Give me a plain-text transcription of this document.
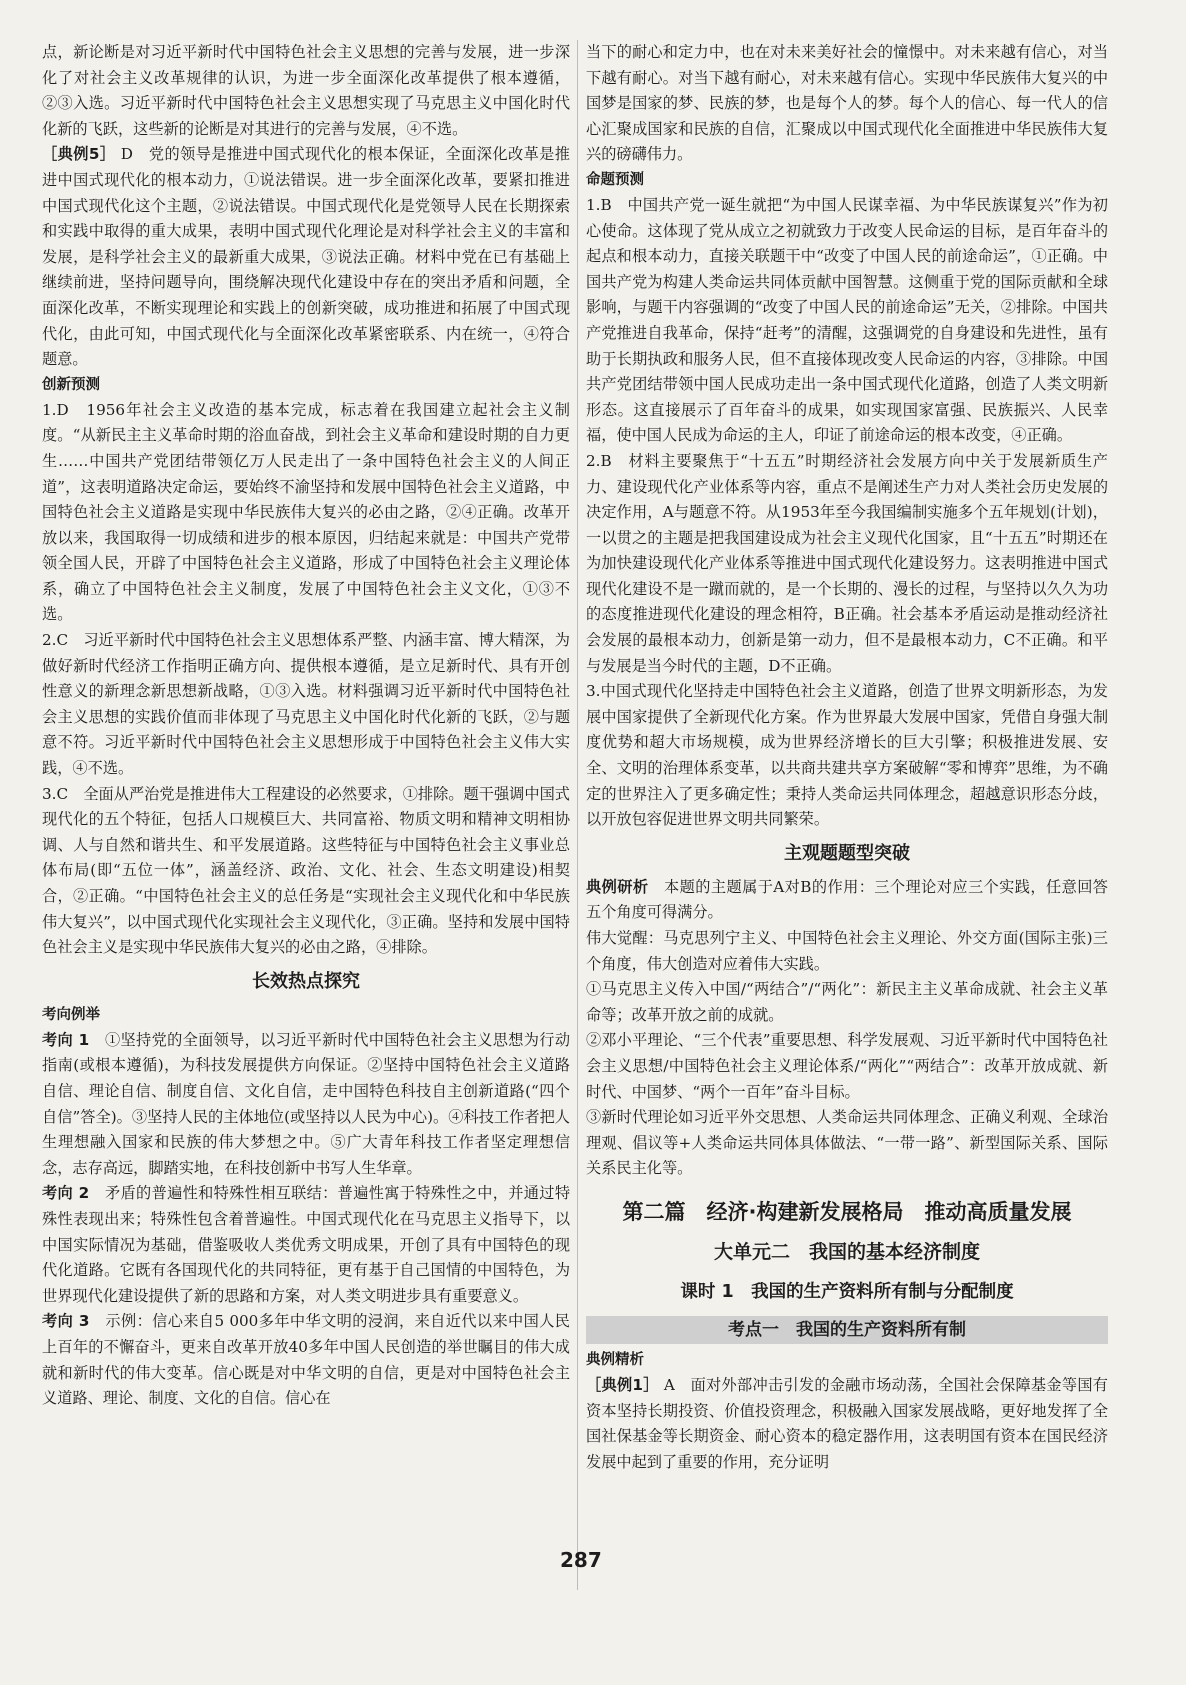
点，新论断是对习近平新时代中国特色社会主义思想的完善与发展，进一步深化了对社会主义改革规律的认识，为进一步全面深化改革提供了根本遵循，②③入选。习近平新时代中国特色社会主义思想实现了马克思主义中国化时代化新的飞跃，这些新的论断是对其进行的完善与发展，④不选。

［典例5］ D　党的领导是推进中国式现代化的根本保证，全面深化改革是推进中国式现代化的根本动力，①说法错误。进一步全面深化改革，要紧扣推进中国式现代化这个主题，②说法错误。中国式现代化是党领导人民在长期探索和实践中取得的重大成果，表明中国式现代化理论是对科学社会主义的丰富和发展，是科学社会主义的最新重大成果，③说法正确。材料中党在已有基础上继续前进，坚持问题导向，围绕解决现代化建设中存在的突出矛盾和问题，全面深化改革，不断实现理论和实践上的创新突破，成功推进和拓展了中国式现代化，由此可知，中国式现代化与全面深化改革紧密联系、内在统一，④符合题意。

创新预测

1.D　1956年社会主义改造的基本完成，标志着在我国建立起社会主义制度。“从新民主主义革命时期的浴血奋战，到社会主义革命和建设时期的自力更生……中国共产党团结带领亿万人民走出了一条中国特色社会主义的人间正道”，这表明道路决定命运，要始终不渝坚持和发展中国特色社会主义道路，中国特色社会主义道路是实现中华民族伟大复兴的必由之路，②④正确。改革开放以来，我国取得一切成绩和进步的根本原因，归结起来就是：中国共产党带领全国人民，开辟了中国特色社会主义道路，形成了中国特色社会主义理论体系，确立了中国特色社会主义制度，发展了中国特色社会主义文化，①③不选。

2.C　习近平新时代中国特色社会主义思想体系严整、内涵丰富、博大精深，为做好新时代经济工作指明正确方向、提供根本遵循，是立足新时代、具有开创性意义的新理念新思想新战略，①③入选。材料强调习近平新时代中国特色社会主义思想的实践价值而非体现了马克思主义中国化时代化新的飞跃，②与题意不符。习近平新时代中国特色社会主义思想形成于中国特色社会主义伟大实践，④不选。

3.C　全面从严治党是推进伟大工程建设的必然要求，①排除。题干强调中国式现代化的五个特征，包括人口规模巨大、共同富裕、物质文明和精神文明相协调、人与自然和谐共生、和平发展道路。这些特征与中国特色社会主义事业总体布局(即“五位一体”，涵盖经济、政治、文化、社会、生态文明建设)相契合，②正确。“中国特色社会主义的总任务是“实现社会主义现代化和中华民族伟大复兴”，以中国式现代化实现社会主义现代化，③正确。坚持和发展中国特色社会主义是实现中华民族伟大复兴的必由之路，④排除。

长效热点探究
考向例举

考向 1　①坚持党的全面领导，以习近平新时代中国特色社会主义思想为行动指南(或根本遵循)，为科技发展提供方向保证。②坚持中国特色社会主义道路自信、理论自信、制度自信、文化自信，走中国特色科技自主创新道路(“四个自信”答全)。③坚持人民的主体地位(或坚持以人民为中心)。④科技工作者把人生理想融入国家和民族的伟大梦想之中。⑤广大青年科技工作者坚定理想信念，志存高远，脚踏实地，在科技创新中书写人生华章。

考向 2　矛盾的普遍性和特殊性相互联结：普遍性寓于特殊性之中，并通过特殊性表现出来；特殊性包含着普遍性。中国式现代化在马克思主义指导下，以中国实际情况为基础，借鉴吸收人类优秀文明成果，开创了具有中国特色的现代化道路。它既有各国现代化的共同特征，更有基于自己国情的中国特色，为世界现代化建设提供了新的思路和方案，对人类文明进步具有重要意义。

考向 3　示例：信心来自5 000多年中华文明的浸润，来自近代以来中国人民上百年的不懈奋斗，更来自改革开放40多年中国人民创造的举世瞩目的伟大成就和新时代的伟大变革。信心既是对中华文明的自信，更是对中国特色社会主义道路、理论、制度、文化的自信。信心在

当下的耐心和定力中，也在对未来美好社会的憧憬中。对未来越有信心，对当下越有耐心。对当下越有耐心，对未来越有信心。实现中华民族伟大复兴的中国梦是国家的梦、民族的梦，也是每个人的梦。每个人的信心、每一代人的信心汇聚成国家和民族的自信，汇聚成以中国式现代化全面推进中华民族伟大复兴的磅礴伟力。

命题预测

1.B　中国共产党一诞生就把“为中国人民谋幸福、为中华民族谋复兴”作为初心使命。这体现了党从成立之初就致力于改变人民命运的目标，是百年奋斗的起点和根本动力，直接关联题干中“改变了中国人民的前途命运”，①正确。中国共产党为构建人类命运共同体贡献中国智慧。这侧重于党的国际贡献和全球影响，与题干内容强调的“改变了中国人民的前途命运”无关，②排除。中国共产党推进自我革命，保持“赶考”的清醒，这强调党的自身建设和先进性，虽有助于长期执政和服务人民，但不直接体现改变人民命运的内容，③排除。中国共产党团结带领中国人民成功走出一条中国式现代化道路，创造了人类文明新形态。这直接展示了百年奋斗的成果，如实现国家富强、民族振兴、人民幸福，使中国人民成为命运的主人，印证了前途命运的根本改变，④正确。

2.B　材料主要聚焦于“十五五”时期经济社会发展方向中关于发展新质生产力、建设现代化产业体系等内容，重点不是阐述生产力对人类社会历史发展的决定作用，A与题意不符。从1953年至今我国编制实施多个五年规划(计划)，一以贯之的主题是把我国建设成为社会主义现代化国家，且“十五五”时期还在为加快建设现代化产业体系等推进中国式现代化建设努力。这表明推进中国式现代化建设不是一蹴而就的，是一个长期的、漫长的过程，与坚持以久久为功的态度推进现代化建设的理念相符，B正确。社会基本矛盾运动是推动经济社会发展的最根本动力，创新是第一动力，但不是最根本动力，C不正确。和平与发展是当今时代的主题，D不正确。

3.中国式现代化坚持走中国特色社会主义道路，创造了世界文明新形态，为发展中国家提供了全新现代化方案。作为世界最大发展中国家，凭借自身强大制度优势和超大市场规模，成为世界经济增长的巨大引擎；积极推进发展、安全、文明的治理体系变革，以共商共建共享方案破解“零和博弈”思维，为不确定的世界注入了更多确定性；秉持人类命运共同体理念，超越意识形态分歧，以开放包容促进世界文明共同繁荣。

主观题题型突破

典例研析　本题的主题属于A对B的作用：三个理论对应三个实践，任意回答五个角度可得满分。

伟大觉醒：马克思列宁主义、中国特色社会主义理论、外交方面(国际主张)三个角度，伟大创造对应着伟大实践。

①马克思主义传入中国/“两结合”/“两化”：新民主主义革命成就、社会主义革命等；改革开放之前的成就。

②邓小平理论、“三个代表”重要思想、科学发展观、习近平新时代中国特色社会主义思想/中国特色社会主义理论体系/“两化”“两结合”：改革开放成就、新时代、中国梦、“两个一百年”奋斗目标。

③新时代理论如习近平外交思想、人类命运共同体理念、正确义利观、全球治理观、倡议等+人类命运共同体具体做法、“一带一路”、新型国际关系、国际关系民主化等。

第二篇　经济·构建新发展格局　推动高质量发展
大单元二　我国的基本经济制度
课时 1　我国的生产资料所有制与分配制度
考点一　我国的生产资料所有制
典例精析

［典例1］ A　面对外部冲击引发的金融市场动荡，全国社会保障基金等国有资本坚持长期投资、价值投资理念，积极融入国家发展战略，更好地发挥了全国社保基金等长期资金、耐心资本的稳定器作用，这表明国有资本在国民经济发展中起到了重要的作用，充分证明

287
